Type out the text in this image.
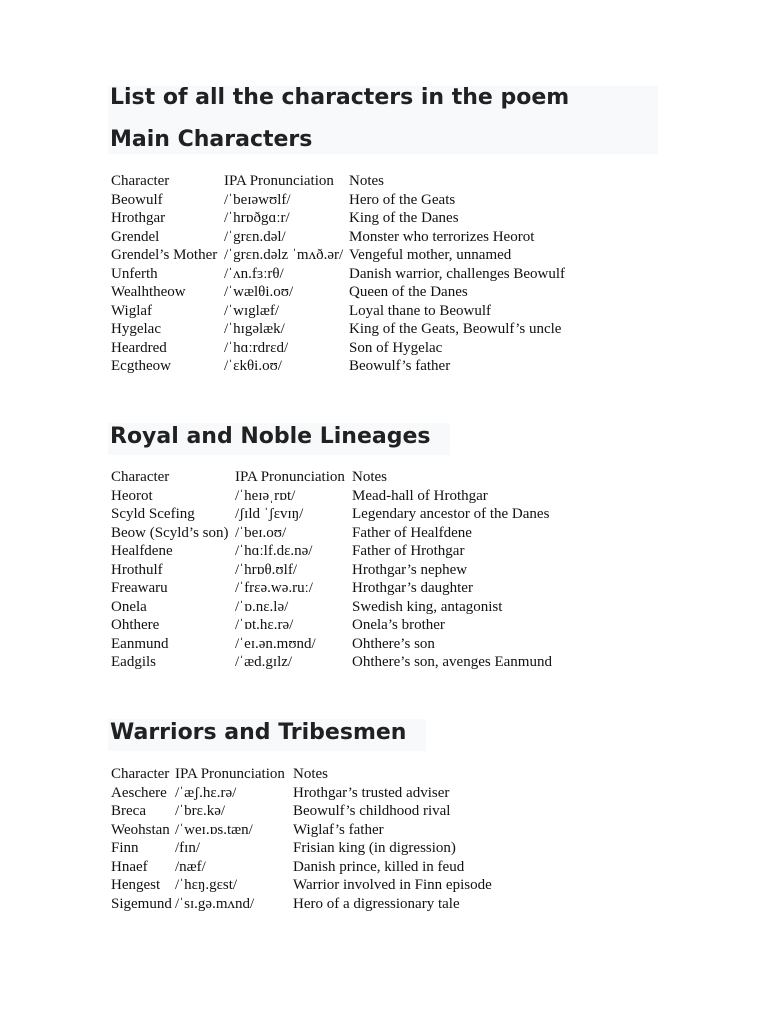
List of all the characters in the poem
Main Characters
Character	IPA Pronunciation	Notes
Beowulf	/ˈbeɪəwʊlf/	Hero of the Geats
Hrothgar	/ˈhrɒðgɑːr/	King of the Danes
Grendel	/ˈgrɛn.dəl/	Monster who terrorizes Heorot
Grendel’s Mother	/ˈgrɛn.dəlz ˈmʌð.ər/	Vengeful mother, unnamed
Unferth	/ˈʌn.fɜːrθ/	Danish warrior, challenges Beowulf
Wealhtheow	/ˈwælθi.oʊ/	Queen of the Danes
Wiglaf	/ˈwɪglæf/	Loyal thane to Beowulf
Hygelac	/ˈhɪgəlæk/	King of the Geats, Beowulf’s uncle
Heardred	/ˈhɑːrdrɛd/	Son of Hygelac
Ecgtheow	/ˈɛkθi.oʊ/	Beowulf’s father
Royal and Noble Lineages
Character	IPA Pronunciation	Notes
Heorot	/ˈheɪəˌrɒt/	Mead-hall of Hrothgar
Scyld Scefing	/ʃɪld ˈʃɛvɪŋ/	Legendary ancestor of the Danes
Beow (Scyld’s son)	/ˈbeɪ.oʊ/	Father of Healfdene
Healfdene	/ˈhɑːlf.dɛ.nə/	Father of Hrothgar
Hrothulf	/ˈhrɒθ.ʊlf/	Hrothgar’s nephew
Freawaru	/ˈfrɛə.wə.ruː/	Hrothgar’s daughter
Onela	/ˈɒ.nɛ.lə/	Swedish king, antagonist
Ohthere	/ˈɒt.hɛ.rə/	Onela’s brother
Eanmund	/ˈeɪ.ən.mʊnd/	Ohthere’s son
Eadgils	/ˈæd.gɪlz/	Ohthere’s son, avenges Eanmund
Warriors and Tribesmen
Character	IPA Pronunciation	Notes
Aeschere	/ˈæʃ.hɛ.rə/	Hrothgar’s trusted adviser
Breca	/ˈbrɛ.kə/	Beowulf’s childhood rival
Weohstan	/ˈweɪ.ɒs.tæn/	Wiglaf’s father
Finn	/fɪn/	Frisian king (in digression)
Hnaef	/næf/	Danish prince, killed in feud
Hengest	/ˈhɛŋ.gɛst/	Warrior involved in Finn episode
Sigemund	/ˈsɪ.gə.mʌnd/	Hero of a digressionary tale
